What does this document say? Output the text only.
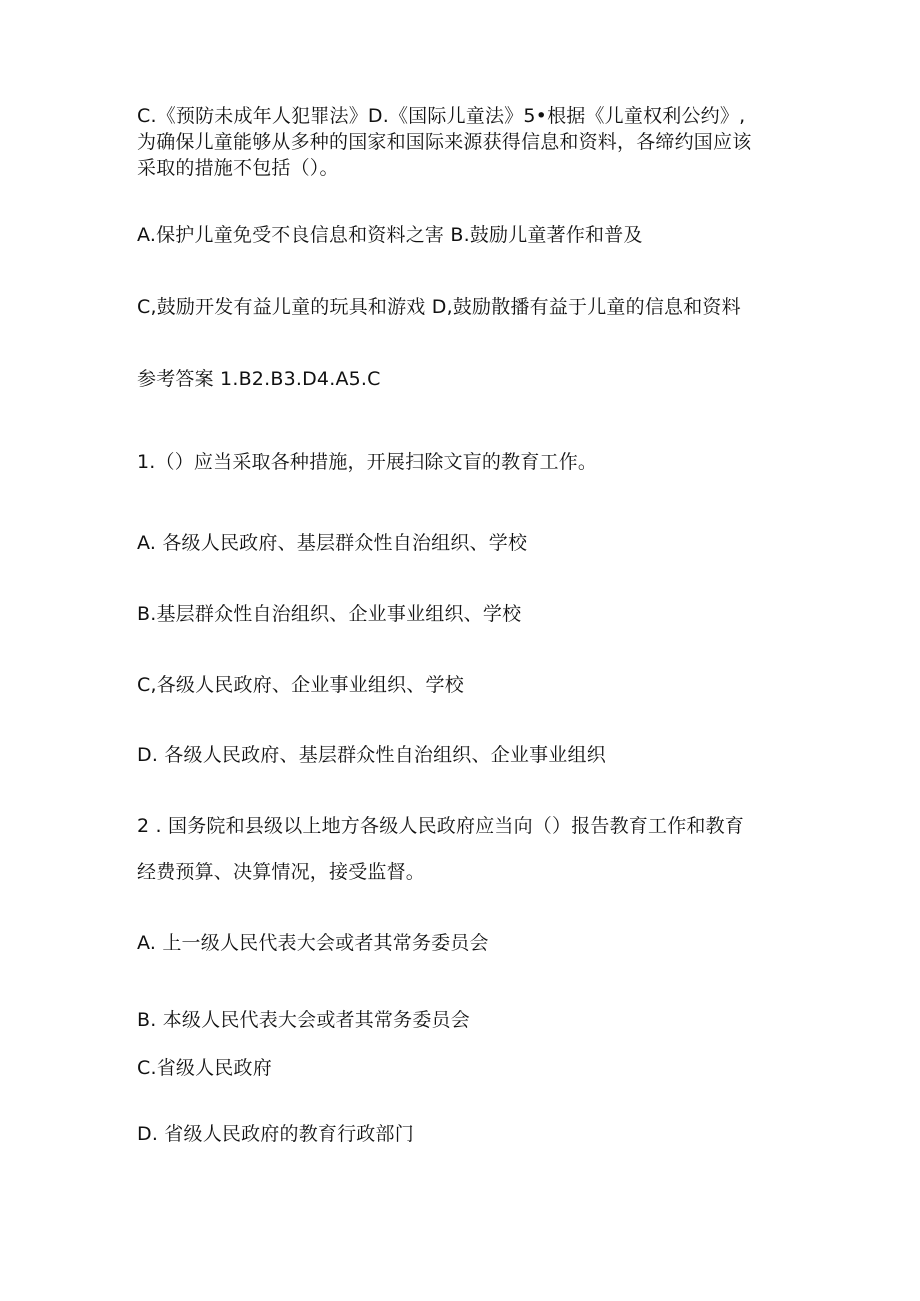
C.《预防未成年人犯罪法》D.《国际儿童法》5•根据《儿童权利公约》,
为确保儿童能够从多种的国家和国际来源获得信息和资料，各缔约国应该
采取的措施不包括（）。
A.保护儿童免受不良信息和资料之害 B.鼓励儿童著作和普及
C,鼓励开发有益儿童的玩具和游戏 D,鼓励散播有益于儿童的信息和资料
参考答案 1.B2.B3.D4.A5.C
1.（）应当采取各种措施，开展扫除文盲的教育工作。
A. 各级人民政府、基层群众性自治组织、学校
B.基层群众性自治组织、企业事业组织、学校
C,各级人民政府、企业事业组织、学校
D. 各级人民政府、基层群众性自治组织、企业事业组织
2 . 国务院和县级以上地方各级人民政府应当向（）报告教育工作和教育
经费预算、决算情况，接受监督。
A. 上一级人民代表大会或者其常务委员会
B. 本级人民代表大会或者其常务委员会
C.省级人民政府
D. 省级人民政府的教育行政部门
